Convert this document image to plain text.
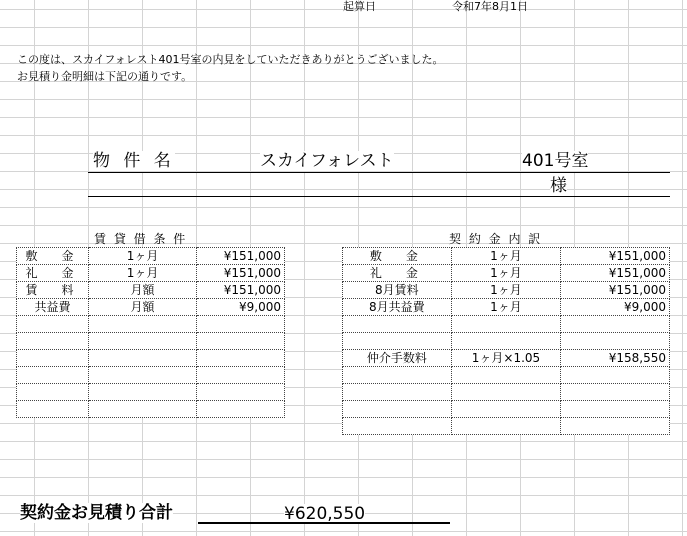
起算日	令和7年8月1日
この度は、スカイフォレスト401号室の内見をしていただきありがとうございました。
お見積り金明細は下記の通りです。
物 件 名	スカイフォレスト	401号室
様
賃 貸 借 条 件	契 約 金 内 訳
敷　金	1ヶ月	¥151,000
礼　金	1ヶ月	¥151,000
賃　料	月額	¥151,000
共益費	月額	¥9,000

敷　金	1ヶ月	¥151,000
礼　金	1ヶ月	¥151,000
8月賃料	1ヶ月	¥151,000
8月共益費	1ヶ月	¥9,000

仲介手数料	1ヶ月×1.05	¥158,550

契約金お見積り合計	¥620,550
